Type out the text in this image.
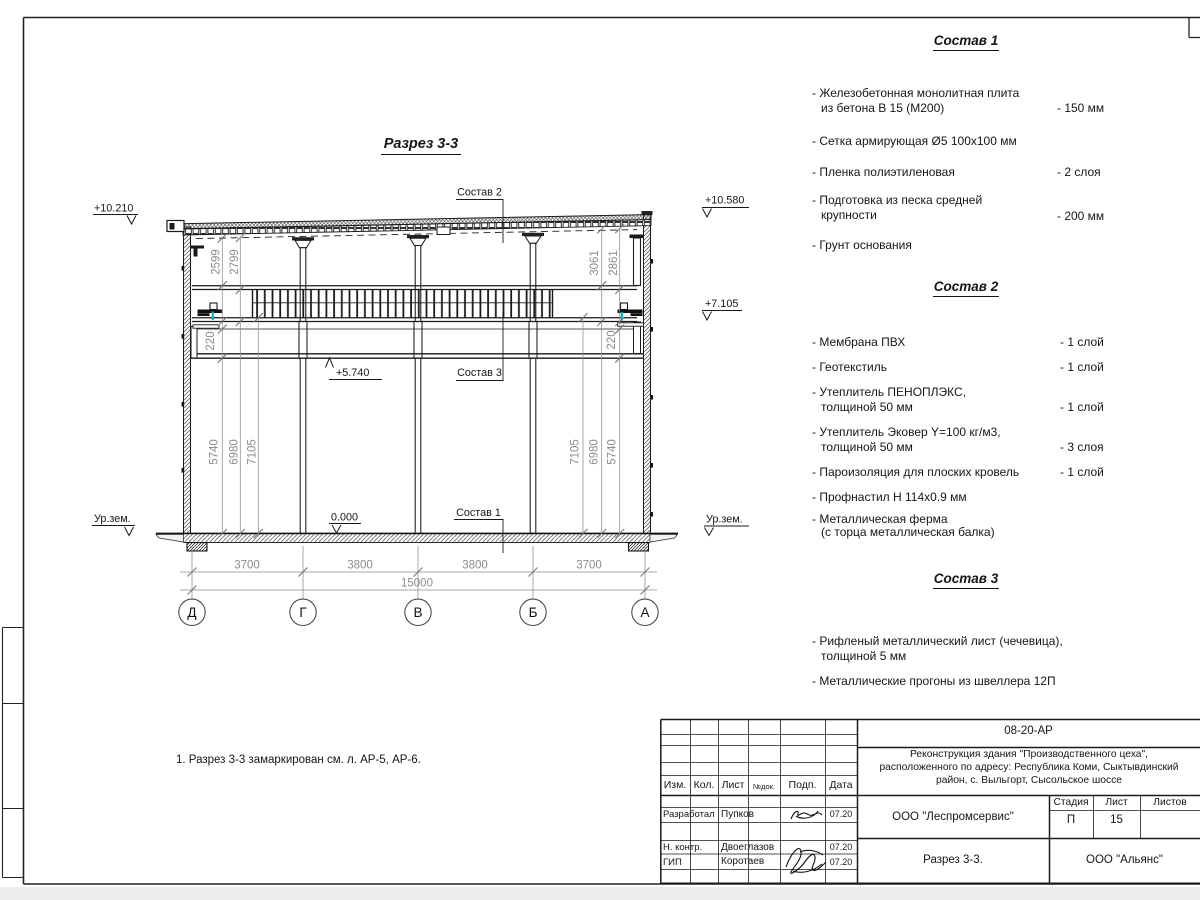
3700	3800	3800	3700
15000
2599 2799
220
5740 6980 7105
3061 2861
220
7105 6980 5740
Д	Г	В	Б	А
+10.210
Ур.зем.	0.000
+5.740
+10.580
+7.105
Ур.зем.
Состав 2
Состав 3
Состав 1
Разрез 3-3
Состав 1
- Железобетонная монолитная плита
из бетона В 15 (М200)	- 150 мм
- Сетка армирующая Ø5 100х100 мм
- Пленка полиэтиленовая	- 2 слоя
- Подготовка из песка средней
крупности	- 200 мм
- Грунт основания
Состав 2
- Мембрана ПВХ	- 1 слой
- Геотекстиль	- 1 слой
- Утеплитель ПЕНОПЛЭКС,
толщиной 50 мм	- 1 слой
- Утеплитель Эковер Y=100 кг/м3,
толщиной 50 мм	- 3 слоя
- Пароизоляция для плоских кровель	- 1 слой
- Профнастил Н 114х0.9 мм
- Металлическая ферма
(с торца металлическая балка)
Состав 3
- Рифленый металлический лист (чечевица),
толщиной 5 мм
- Металлические прогоны из швеллера 12П
1. Разрез 3-3 замаркирован см. л. АР-5, АР-6.
Изм. Кол. Лист	№док.	Подп.	Дата
Разработал Пупков	07.20
Н. контр. Двоеглазов	07.20
ГИП	Коротаев	07.20
08-20-АР
Реконструкция здания "Производственного цеха",
расположенного по адресу: Республика Коми, Сыктывдинский
район, с. Выльгорт, Сысольское шоссе
Стадия	Лист	Листов
П	15
ООО "Леспромсервис"
Разрез 3-3.	ООО "Альянс"
